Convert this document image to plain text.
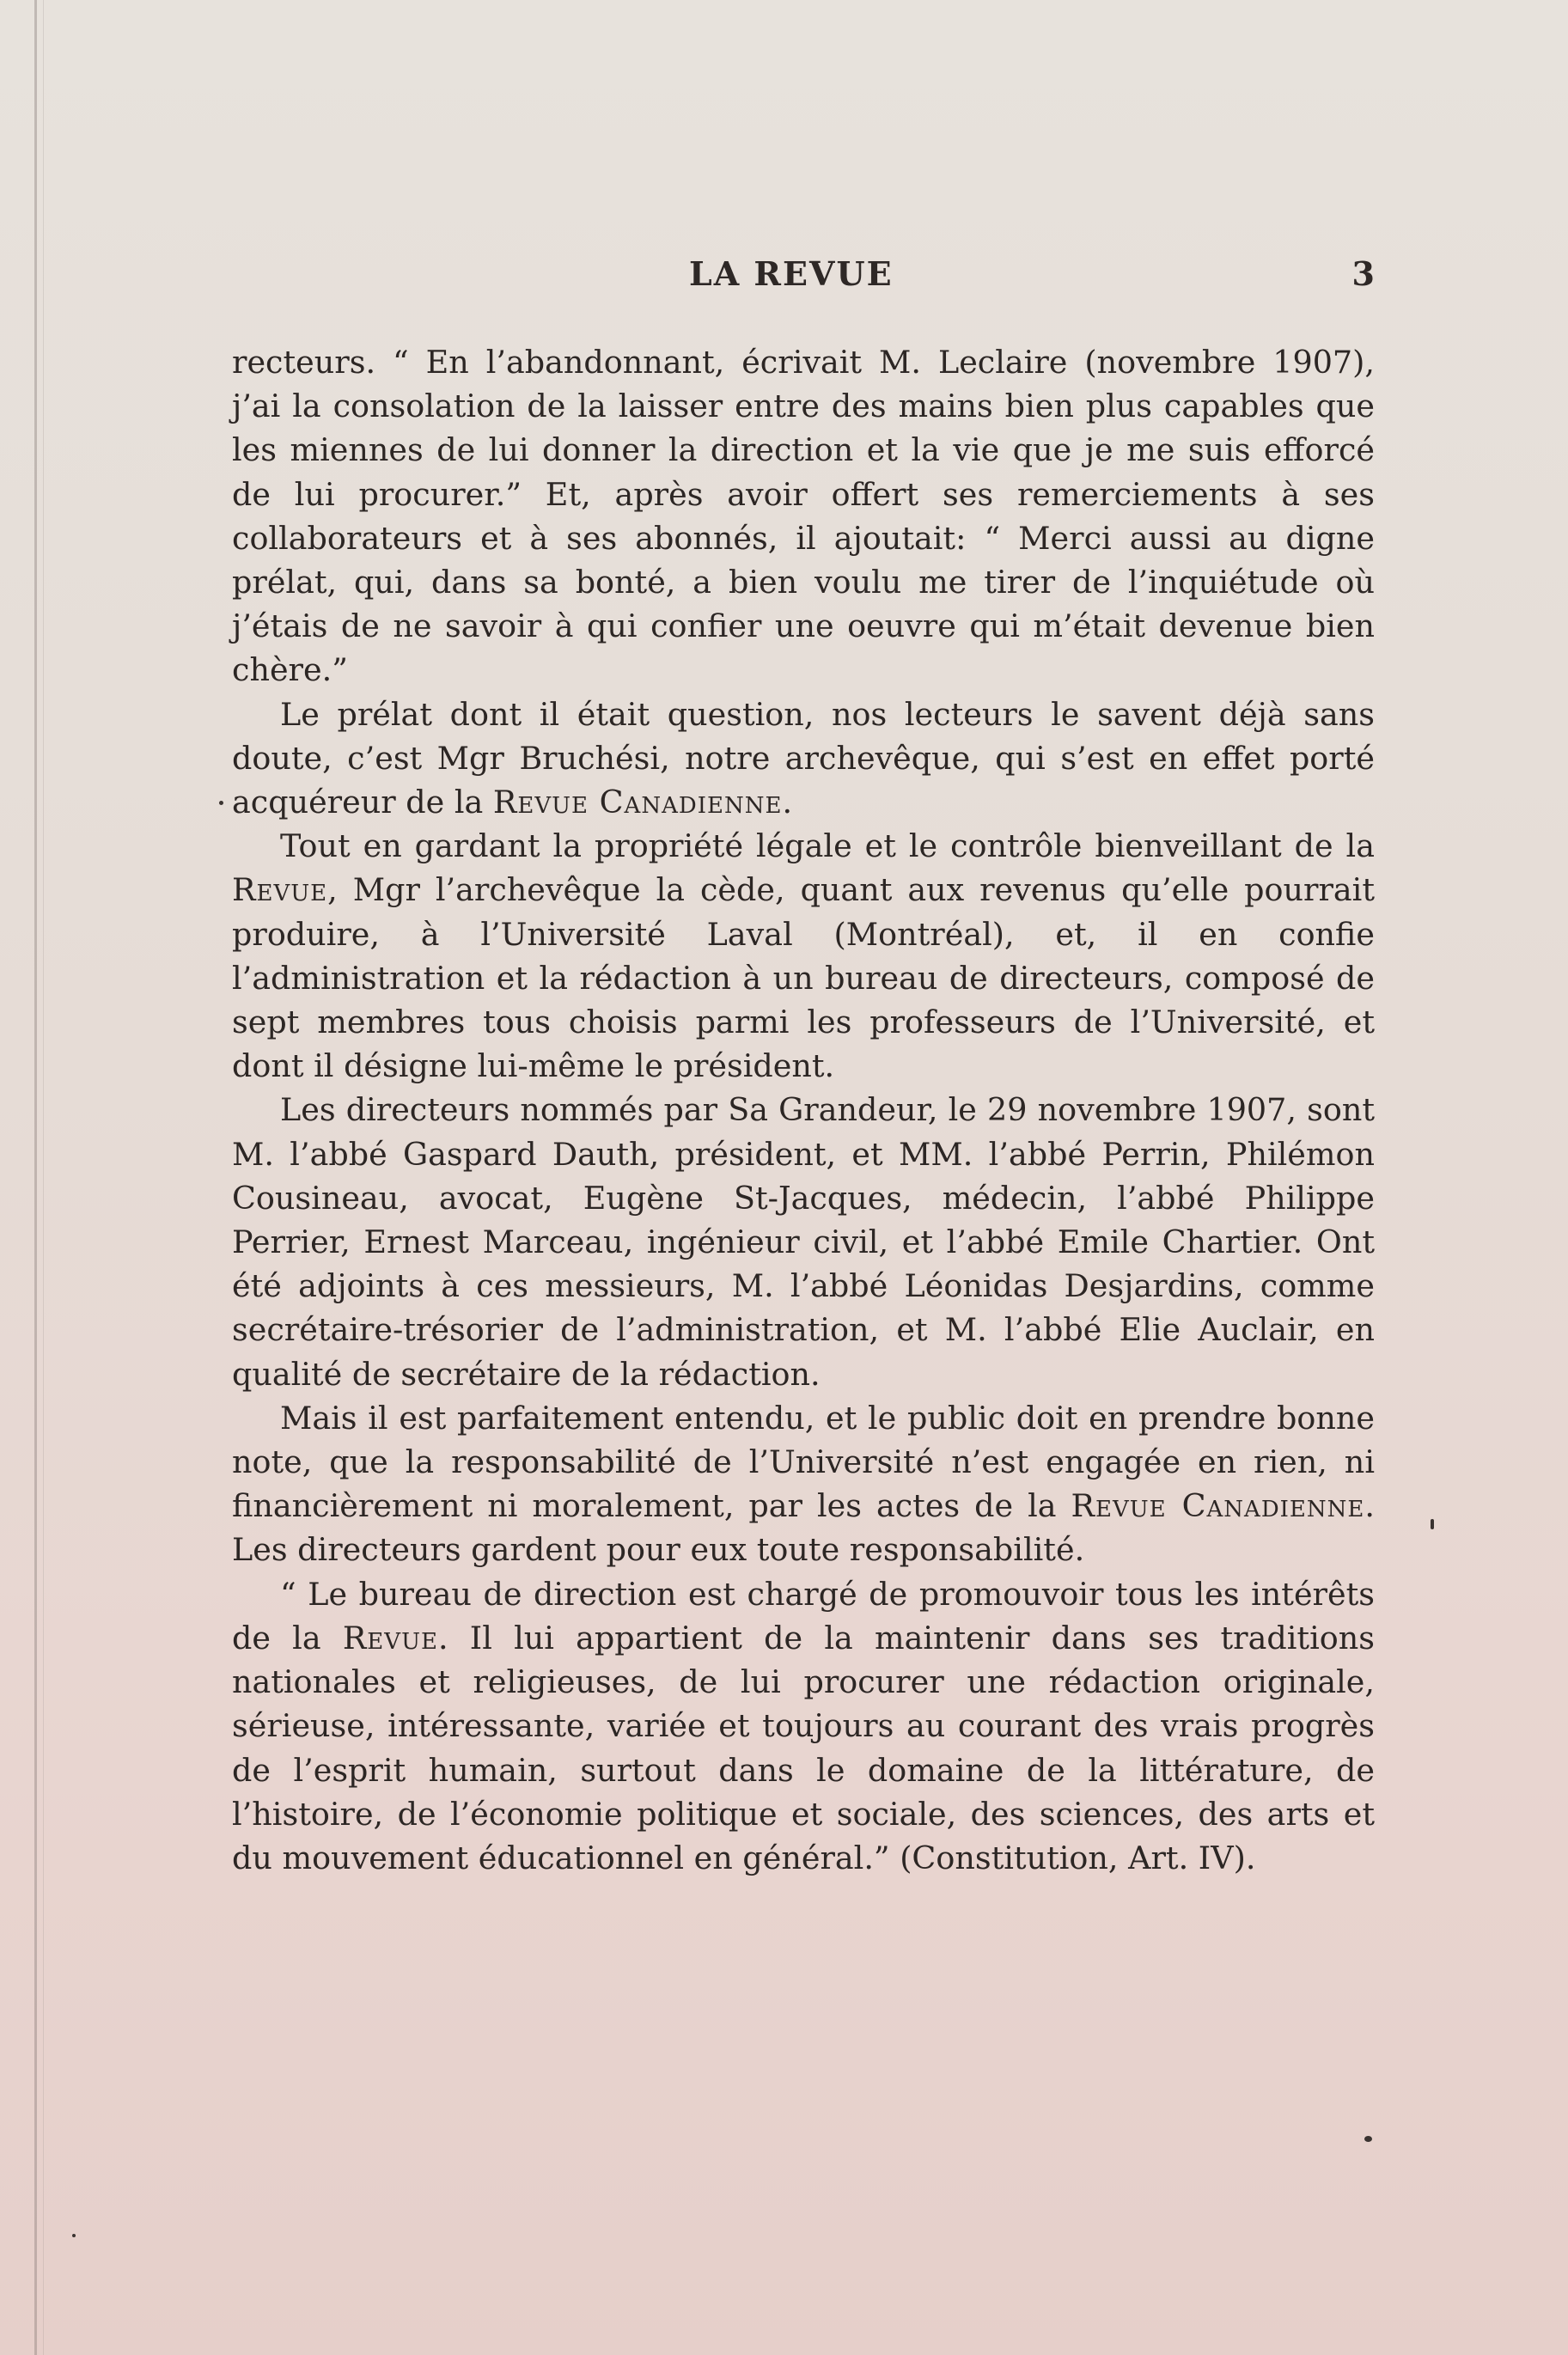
LA REVUE	3

recteurs. “ En l’abandonnant, écrivait M. Leclaire (novembre 1907), j’ai la consolation de la laisser entre des mains bien plus capables que les miennes de lui donner la direction et la vie que je me suis efforcé de lui procurer.” Et, après avoir offert ses remerciements à ses collaborateurs et à ses abonnés, il ajoutait: “ Merci aussi au digne prélat, qui, dans sa bonté, a bien voulu me tirer de l’inquiétude où j’étais de ne savoir à qui confier une oeuvre qui m’était devenue bien chère.”

Le prélat dont il était question, nos lecteurs le savent déjà sans doute, c’est Mgr Bruchési, notre archevêque, qui s’est en effet porté acquéreur de la Revue Canadienne.

Tout en gardant la propriété légale et le contrôle bienveillant de la Revue, Mgr l’archevêque la cède, quant aux revenus qu’elle pourrait produire, à l’Université Laval (Montréal), et, il en confie l’administration et la rédaction à un bureau de directeurs, composé de sept membres tous choisis parmi les professeurs de l’Université, et dont il désigne lui-même le président.

Les directeurs nommés par Sa Grandeur, le 29 novembre 1907, sont M. l’abbé Gaspard Dauth, président, et MM. l’abbé Perrin, Philémon Cousineau, avocat, Eugène St-Jacques, médecin, l’abbé Philippe Perrier, Ernest Marceau, ingénieur civil, et l’abbé Emile Chartier. Ont été adjoints à ces messieurs, M. l’abbé Léonidas Desjardins, comme secrétaire-trésorier de l’administration, et M. l’abbé Elie Auclair, en qualité de secrétaire de la rédaction.

Mais il est parfaitement entendu, et le public doit en prendre bonne note, que la responsabilité de l’Université n’est engagée en rien, ni financièrement ni moralement, par les actes de la Revue Canadienne. Les directeurs gardent pour eux toute responsabilité.

“ Le bureau de direction est chargé de promouvoir tous les intérêts de la Revue. Il lui appartient de la maintenir dans ses traditions nationales et religieuses, de lui procurer une rédaction originale, sérieuse, intéressante, variée et toujours au courant des vrais progrès de l’esprit humain, surtout dans le domaine de la littérature, de l’histoire, de l’économie politique et sociale, des sciences, des arts et du mouvement éducationnel en général.” (Constitution, Art. IV).
